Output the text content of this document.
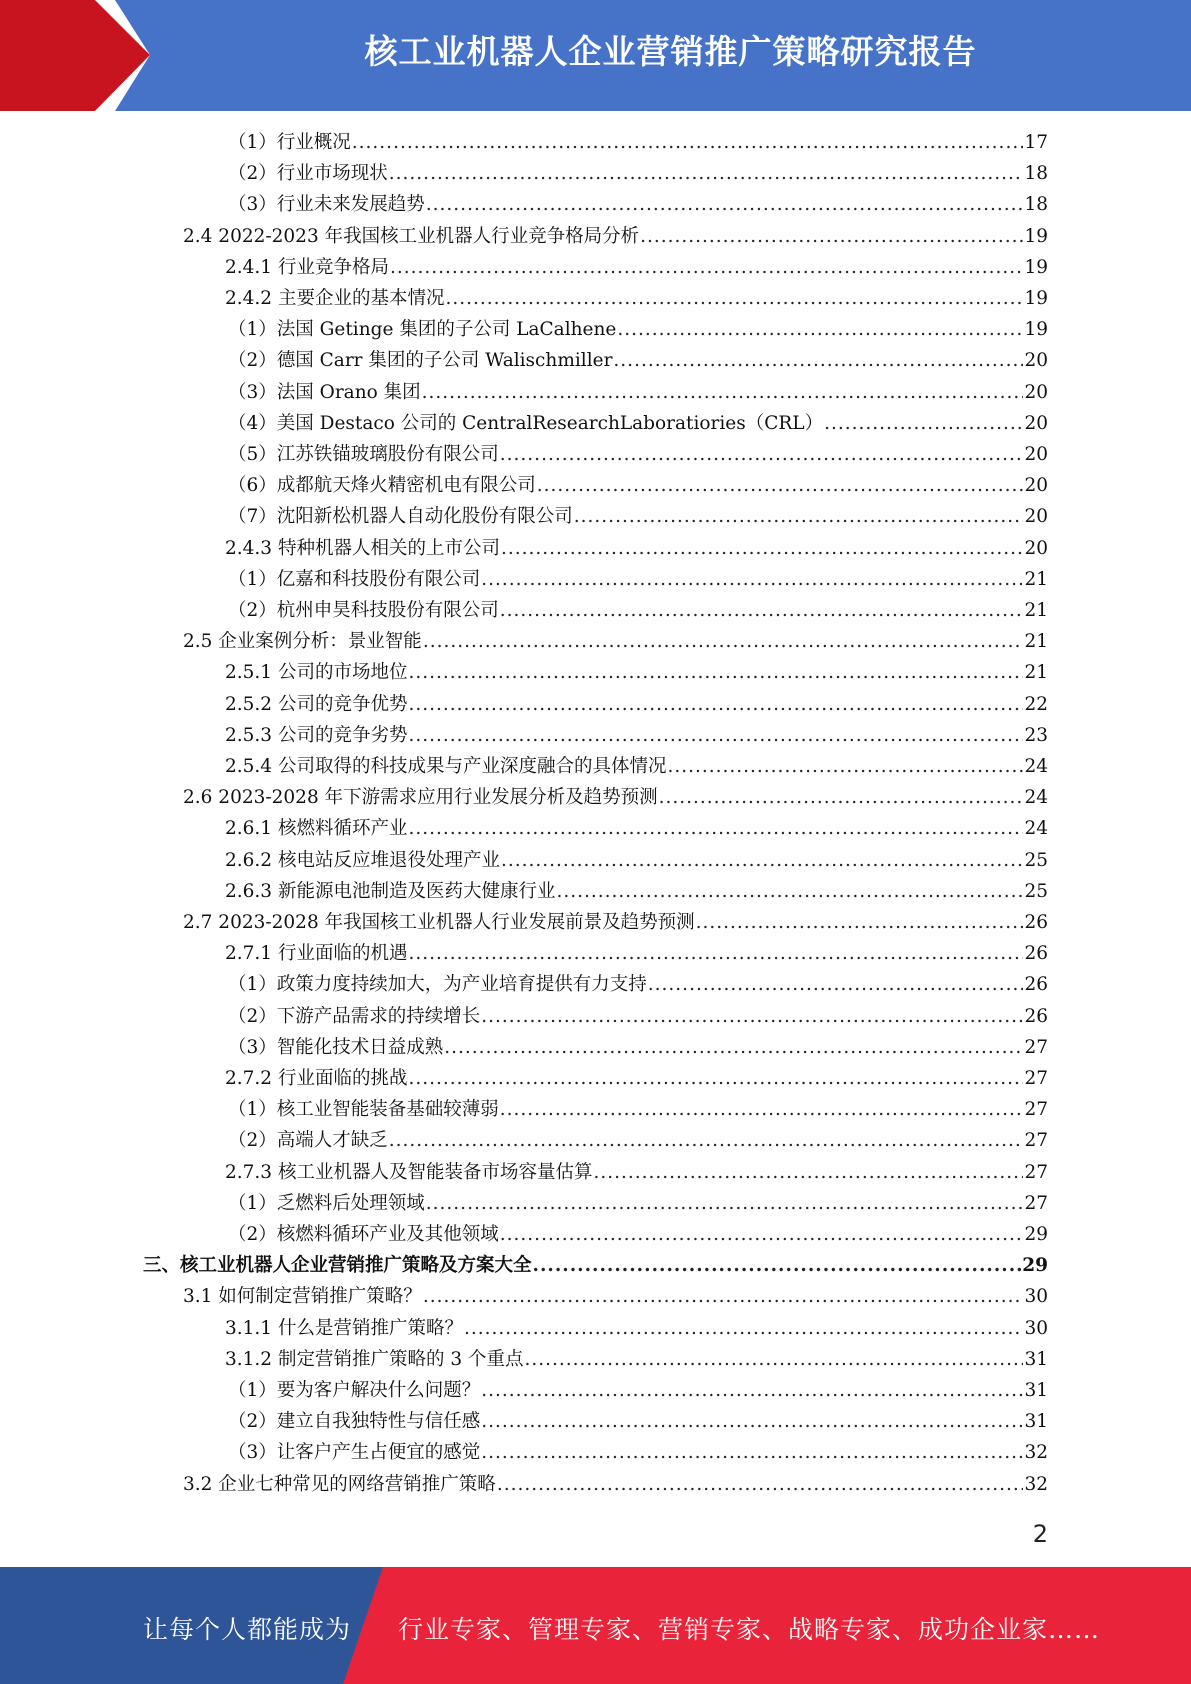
核工业机器人企业营销推广策略研究报告
（1）行业概况 .....	17
（2）行业市场现状 .....	18
（3）行业未来发展趋势 .....	18
2.4 2022-2023 年我国核工业机器人行业竞争格局分析 .....	19
2.4.1 行业竞争格局 .....	19
2.4.2 主要企业的基本情况 .....	19
（1）法国 Getinge 集团的子公司 LaCalhene .....	19
（2）德国 Carr 集团的子公司 Walischmiller .....	20
（3）法国 Orano 集团 .....	20
（4）美国 Destaco 公司的 CentralResearchLaboratiories（CRL） .....	20
（5）江苏铁锚玻璃股份有限公司 .....	20
（6）成都航天烽火精密机电有限公司 .....	20
（7）沈阳新松机器人自动化股份有限公司 .....	20
2.4.3 特种机器人相关的上市公司 .....	20
（1）亿嘉和科技股份有限公司 .....	21
（2）杭州申昊科技股份有限公司 .....	21
2.5 企业案例分析：景业智能 .....	21
2.5.1 公司的市场地位 .....	21
2.5.2 公司的竞争优势 .....	22
2.5.3 公司的竞争劣势 .....	23
2.5.4 公司取得的科技成果与产业深度融合的具体情况 .....	24
2.6 2023-2028 年下游需求应用行业发展分析及趋势预测 .....	24
2.6.1 核燃料循环产业 .....	24
2.6.2 核电站反应堆退役处理产业 .....	25
2.6.3 新能源电池制造及医药大健康行业 .....	25
2.7 2023-2028 年我国核工业机器人行业发展前景及趋势预测 .....	26
2.7.1 行业面临的机遇 .....	26
（1）政策力度持续加大，为产业培育提供有力支持 .....	26
（2）下游产品需求的持续增长 .....	26
（3）智能化技术日益成熟 .....	27
2.7.2 行业面临的挑战 .....	27
（1）核工业智能装备基础较薄弱 .....	27
（2）高端人才缺乏 .....	27
2.7.3 核工业机器人及智能装备市场容量估算 .....	27
（1）乏燃料后处理领域 .....	27
（2）核燃料循环产业及其他领域 .....	29
三、核工业机器人企业营销推广策略及方案大全 .....	29
3.1 如何制定营销推广策略？ .....	30
3.1.1 什么是营销推广策略？ .....	30
3.1.2 制定营销推广策略的 3 个重点 .....	31
（1）要为客户解决什么问题？ .....	31
（2）建立自我独特性与信任感 .....	31
（3）让客户产生占便宜的感觉 .....	32
3.2 企业七种常见的网络营销推广策略 .....	32
2
让每个人都能成为 行业专家、管理专家、营销专家、战略专家、成功企业家……
